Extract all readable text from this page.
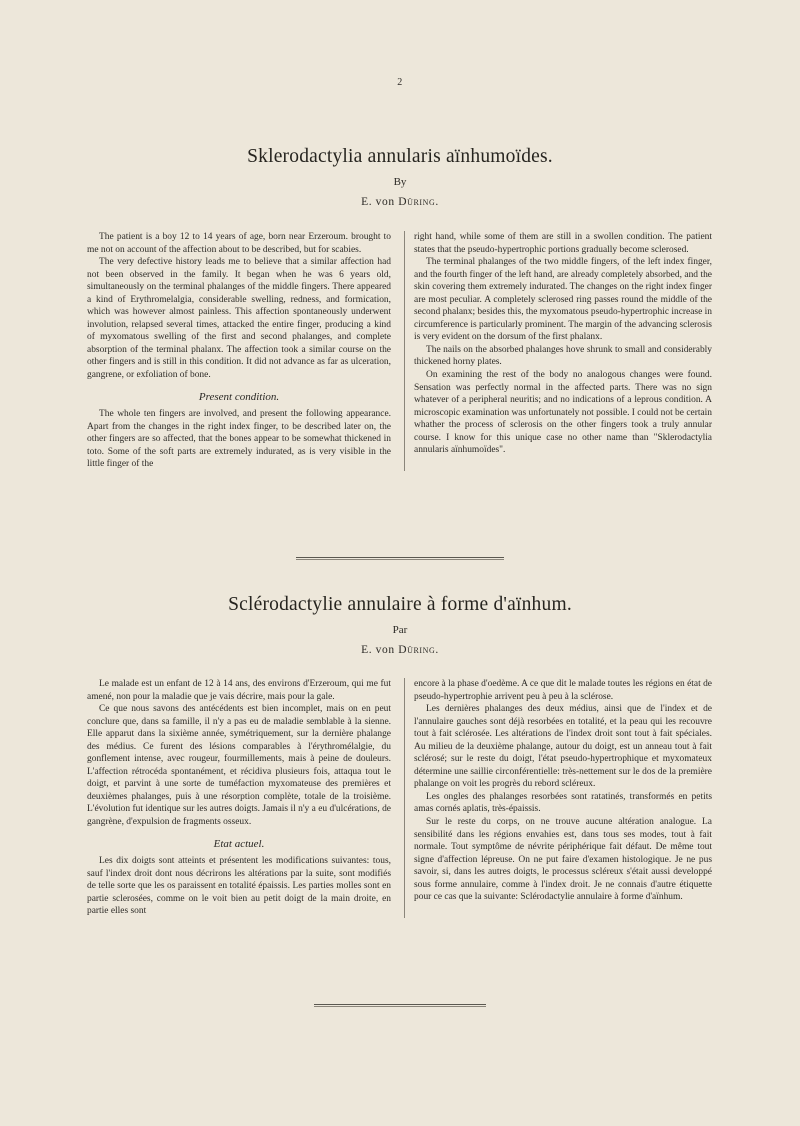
2
Sklerodactylia annularis aïnhumoïdes.
By
E. von Düring.

The patient is a boy 12 to 14 years of age, born near Erzeroum. brought to me not on account of the affection about to be described, but for scabies.

The very defective history leads me to believe that a similar affection had not been observed in the family. It began when he was 6 years old, simultaneously on the terminal phalanges of the middle fingers. There appeared a kind of Erythromelalgia, considerable swelling, redness, and formication, which was however almost painless. This affection spontaneously underwent involution, relapsed several times, attacked the entire finger, producing a kind of myxomatous swelling of the first and second phalanges, and complete absorption of the terminal phalanx. The affection took a similar course on the other fingers and is still in this condition. It did not advance as far as ulceration, gangrene, or exfoliation of bone.

Present condition.

The whole ten fingers are involved, and present the following appearance. Apart from the changes in the right index finger, to be described later on, the other fingers are so affected, that the bones appear to be somewhat thickened in toto. Some of the soft parts are extremely indurated, as is very visible in the little finger of the

right hand, while some of them are still in a swollen condition. The patient states that the pseudo-hypertrophic portions gradually become sclerosed.

The terminal phalanges of the two middle fingers, of the left index finger, and the fourth finger of the left hand, are already completely absorbed, and the skin covering them extremely indurated. The changes on the right index finger are most peculiar. A completely sclerosed ring passes round the middle of the second phalanx; besides this, the myxomatous pseudo-hypertrophic increase in circumference is particularly prominent. The margin of the advancing sclerosis is very evident on the dorsum of the first phalanx.

The nails on the absorbed phalanges hove shrunk to small and considerably thickened horny plates.

On examining the rest of the body no analogous changes were found. Sensation was perfectly normal in the affected parts. There was no sign whatever of a peripheral neuritis; and no indications of a leprous condition. A microscopic examination was unfortunately not possible. I could not be certain whather the process of sclerosis on the other fingers took a truly annular course. I know for this unique case no other name than "Sklerodactylia annularis aïnhumoïdes".

Sclérodactylie annulaire à forme d'aïnhum.
Par
E. von Düring.

Le malade est un enfant de 12 à 14 ans, des environs d'Erzeroum, qui me fut amené, non pour la maladie que je vais décrire, mais pour la gale.

Ce que nous savons des antécédents est bien incomplet, mais on en peut conclure que, dans sa famille, il n'y a pas eu de maladie semblable à la sienne. Elle apparut dans la sixième année, symétriquement, sur la dernière phalange des médius. Ce furent des lésions comparables à l'érythromélalgie, du gonflement intense, avec rougeur, fourmillements, mais à peine de douleurs. L'affection rétrocéda spontanément, et récidiva plusieurs fois, attaqua tout le doigt, et parvint à une sorte de tuméfaction myxomateuse des premières et deuxièmes phalanges, puis à une résorption complète, totale de la troisième. L'évolution fut identique sur les autres doigts. Jamais il n'y a eu d'ulcérations, de gangrène, d'expulsion de fragments osseux.

Etat actuel.

Les dix doigts sont atteints et présentent les modifications suivantes: tous, sauf l'index droit dont nous décrirons les altérations par la suite, sont modifiés de telle sorte que les os paraissent en totalité épaissis. Les parties molles sont en partie sclerosées, comme on le voit bien au petit doigt de la main droite, en partie elles sont

encore à la phase d'oedème. A ce que dit le malade toutes les régions en état de pseudo-hypertrophie arrivent peu à peu à la sclérose.

Les dernières phalanges des deux médius, ainsi que de l'index et de l'annulaire gauches sont déjà resorbées en totalité, et la peau qui les recouvre tout à fait sclérosée. Les altérations de l'index droit sont tout à fait spéciales. Au milieu de la deuxième phalange, autour du doigt, est un anneau tout à fait sclérosé; sur le reste du doigt, l'état pseudo-hypertrophique et myxomateux détermine une saillie circonférentielle: très-nettement sur le dos de la première phalange on voit les progrès du rebord scléreux.

Les ongles des phalanges resorbées sont ratatinés, transformés en petits amas cornés aplatis, très-épaissis.

Sur le reste du corps, on ne trouve aucune altération analogue. La sensibilité dans les régions envahies est, dans tous ses modes, tout à fait normale. Tout symptôme de névrite périphérique fait défaut. De même tout signe d'affection lépreuse. On ne put faire d'examen histologique. Je ne pus savoir, si, dans les autres doigts, le processus scléreux s'était aussi developpé sous forme annulaire, comme à l'index droit. Je ne connais d'autre étiquette pour ce cas que la suivante: Sclérodactylie annulaire à forme d'aïnhum.
